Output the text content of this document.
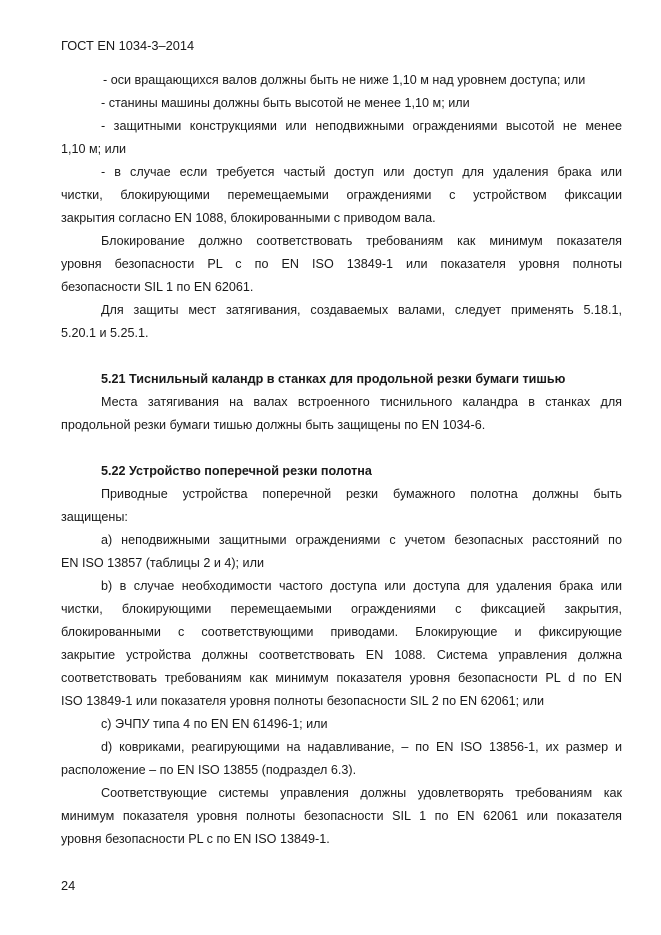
ГОСТ EN 1034-3–2014
- оси вращающихся валов должны быть не ниже 1,10 м над уровнем доступа; или
- станины машины должны быть высотой не менее 1,10 м; или
- защитными конструкциями или неподвижными ограждениями высотой не менее
1,10 м; или
- в случае если требуется частый доступ или доступ для удаления брака или
чистки, блокирующими перемещаемыми ограждениями с устройством фиксации
закрытия согласно EN 1088, блокированными с приводом вала.
Блокирование должно соответствовать требованиям как минимум показателя
уровня безопасности PL c по EN ISO 13849-1 или показателя уровня полноты
безопасности SIL 1 по EN 62061.
Для защиты мест затягивания, создаваемых валами, следует применять 5.18.1,
5.20.1 и 5.25.1.
5.21 Тиснильный каландр в станках для продольной резки бумаги тишью
Места затягивания на валах встроенного тиснильного каландра в станках для
продольной резки бумаги тишью должны быть защищены по EN 1034-6.
5.22 Устройство поперечной резки полотна
Приводные устройства поперечной резки бумажного полотна должны быть
защищены:
a) неподвижными защитными ограждениями с учетом безопасных расстояний по
EN ISO 13857 (таблицы 2 и 4); или
b) в случае необходимости частого доступа или доступа для удаления брака или
чистки, блокирующими перемещаемыми ограждениями с фиксацией закрытия,
блокированными с соответствующими приводами. Блокирующие и фиксирующие
закрытие устройства должны соответствовать EN 1088. Система управления должна
соответствовать требованиям как минимум показателя уровня безопасности PL d по EN
ISO 13849-1 или показателя уровня полноты безопасности SIL 2 по EN 62061; или
c) ЭЧПУ типа 4 по EN EN 61496-1; или
d) ковриками, реагирующими на надавливание, – по EN ISO 13856-1, их размер и
расположение – по EN ISO 13855 (подраздел 6.3).
Соответствующие системы управления должны удовлетворять требованиям как
минимум показателя уровня полноты безопасности SIL 1 по EN 62061 или показателя
уровня безопасности PL c по EN ISO 13849-1.
24
